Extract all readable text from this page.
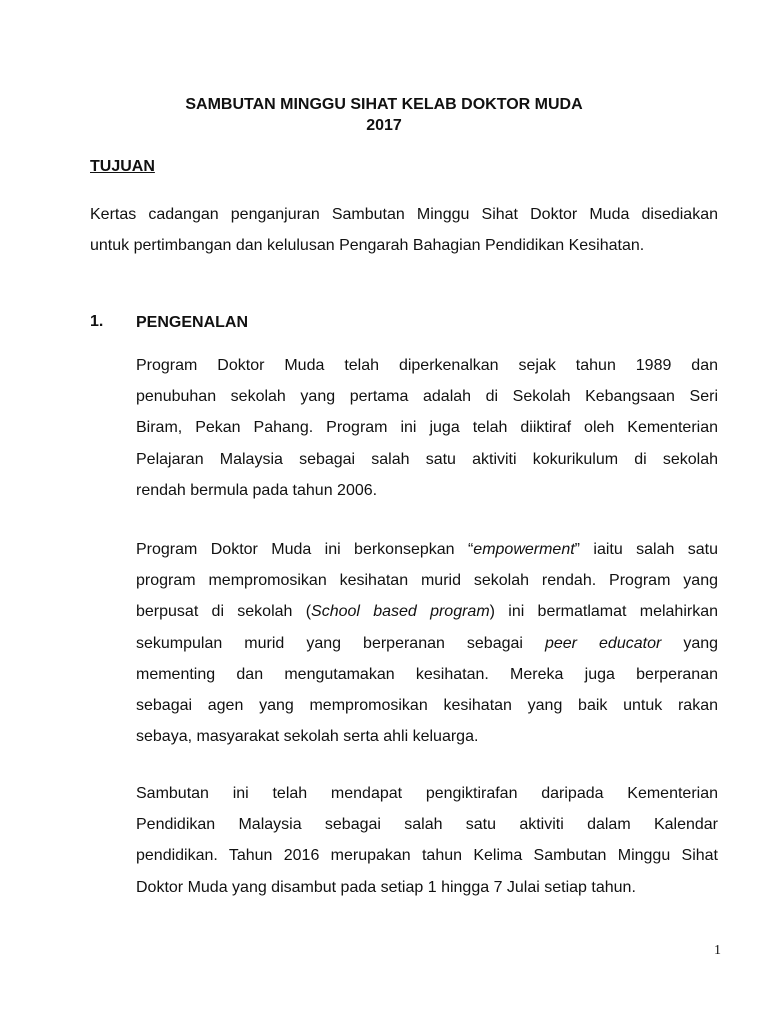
SAMBUTAN MINGGU SIHAT KELAB DOKTOR MUDA
2017
TUJUAN

Kertas cadangan penganjuran Sambutan Minggu Sihat Doktor Muda disediakan

untuk pertimbangan dan kelulusan Pengarah Bahagian Pendidikan Kesihatan.

1. PENGENALAN

Program Doktor Muda telah diperkenalkan sejak tahun 1989 dan

penubuhan sekolah yang pertama adalah di Sekolah Kebangsaan Seri

Biram, Pekan Pahang. Program ini juga telah diiktiraf oleh Kementerian

Pelajaran Malaysia sebagai salah satu aktiviti kokurikulum di sekolah

rendah bermula pada tahun 2006.

Program Doktor Muda ini berkonsepkan “empowerment” iaitu salah satu

program mempromosikan kesihatan murid sekolah rendah. Program yang

berpusat di sekolah (School based program) ini bermatlamat melahirkan

sekumpulan murid yang berperanan sebagai peer educator yang

mementing dan mengutamakan kesihatan. Mereka juga berperanan

sebagai agen yang mempromosikan kesihatan yang baik untuk rakan

sebaya, masyarakat sekolah serta ahli keluarga.

Sambutan ini telah mendapat pengiktirafan daripada Kementerian

Pendidikan Malaysia sebagai salah satu aktiviti dalam Kalendar

pendidikan. Tahun 2016 merupakan tahun Kelima Sambutan Minggu Sihat

Doktor Muda yang disambut pada setiap 1 hingga 7 Julai setiap tahun.

1
